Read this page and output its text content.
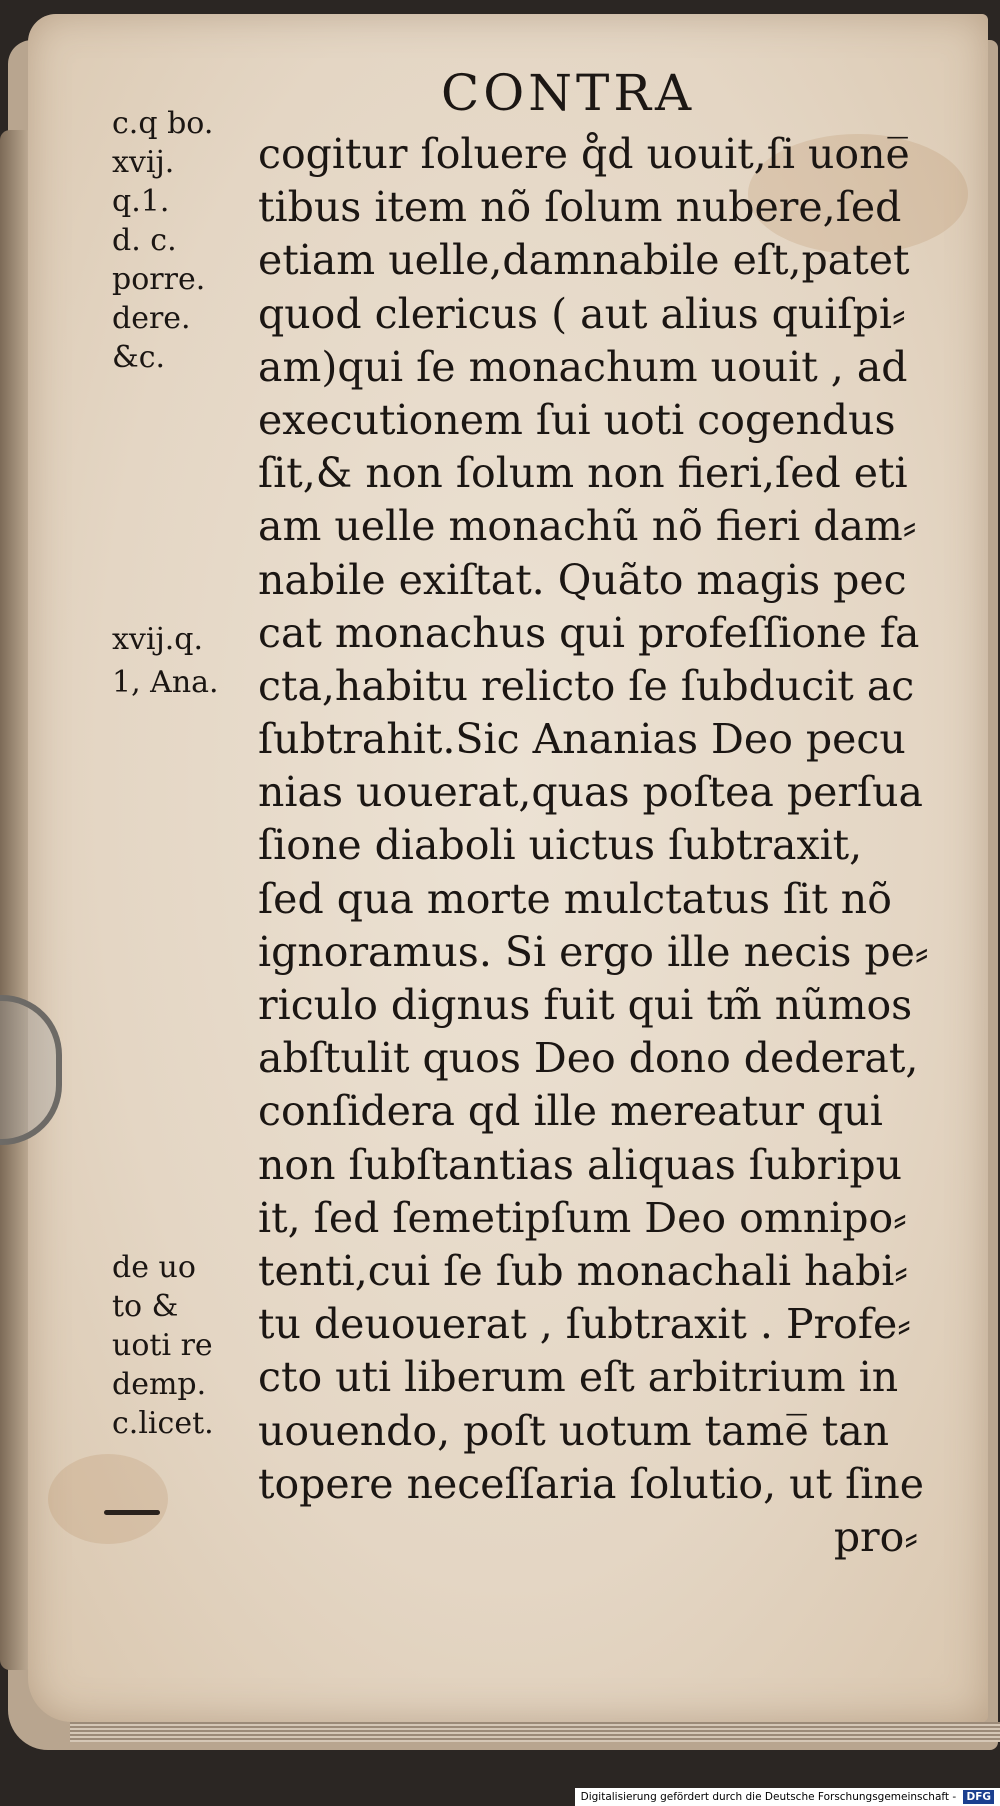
CONTRA
c.q bo.
xvij.
q.1.
d. c.
porre.
dere.
&c.
xvij.q.
1, Ana.
de uo
to &
uoti re
demp.
c.licet.
cogitur ſoluere q̊d uouit,ſi uone̅
tibus item nõ ſolum nubere,ſed
etiam uelle,damnabile eſt,patet
quod clericus ( aut alius quiſpi⸗
am)qui ſe monachum uouit , ad
executionem ſui uoti cogendus
ſit,& non ſolum non fieri,ſed eti
am uelle monachũ nõ fieri dam⸗
nabile exiſtat. Quãto magis pec
cat monachus qui profeſſione fa
cta,habitu relicto ſe ſubducit ac
ſubtrahit.Sic Ananias Deo pecu
nias uouerat,quas poſtea perſua
ſione diaboli uictus ſubtraxit,
ſed qua morte mulctatus ſit nõ
ignoramus. Si ergo ille necis pe⸗
riculo dignus fuit qui tm̃ nũmos
abſtulit quos Deo dono dederat,
conſidera qd ille mereatur qui
non ſubſtantias aliquas ſubripu
it, ſed ſemetipſum Deo omnipo⸗
tenti,cui ſe ſub monachali habi⸗
tu deuouerat , ſubtraxit . Profe⸗
cto uti liberum eſt arbitrium in
uouendo, poſt uotum tame̅ tan
topere neceſſaria ſolutio, ut ſine
pro⸗
Digitalisierung gefördert durch die Deutsche Forschungsgemeinschaft - DFG
